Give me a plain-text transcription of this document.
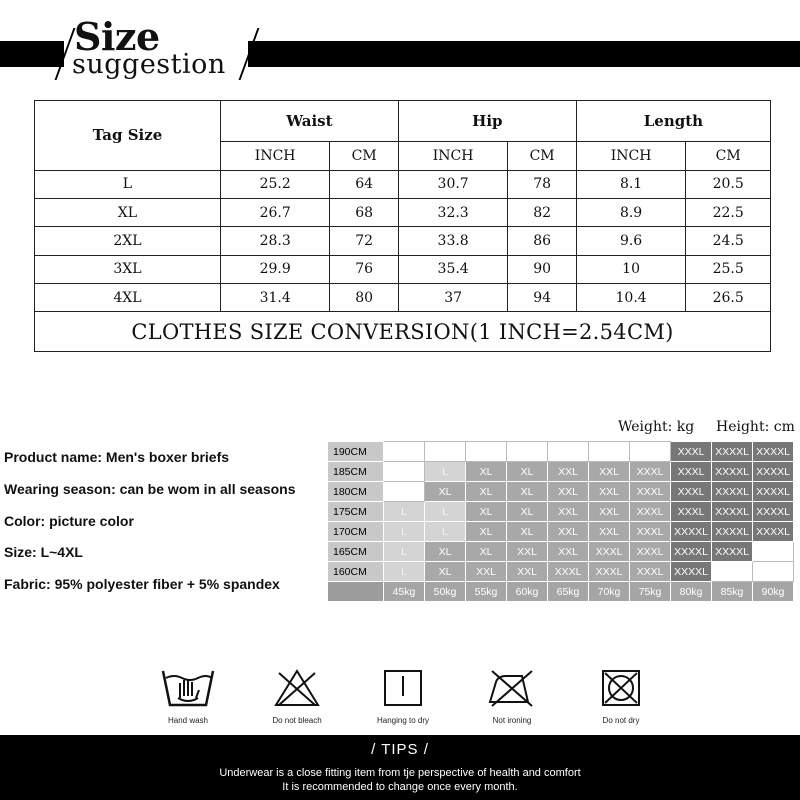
Size
suggestion
Tag Size	Waist		Hip		Length	
	INCH	CM	INCH	CM	INCH	CM
L	25.2	64	30.7	78	8.1	20.5
XL	26.7	68	32.3	82	8.9	22.5
2XL	28.3	72	33.8	86	9.6	24.5
3XL	29.9	76	35.4	90	10	25.5
4XL	31.4	80	37	94	10.4	26.5
CLOTHES SIZE CONVERSION(1 INCH=2.54CM)						
Weight: kg Height: cm
Product name: Men's boxer briefs
Wearing season: can be wom in all seasons
Color: picture color
Size: L~4XL
Fabric: 95% polyester fiber + 5% spandex
190CM								XXXL	XXXXL	XXXXL
185CM		L	XL	XL	XXL	XXL	XXXL	XXXL	XXXXL	XXXXL
180CM		XL	XL	XL	XXL	XXL	XXXL	XXXL	XXXXL	XXXXL
175CM	L	L	XL	XL	XXL	XXL	XXXL	XXXL	XXXXL	XXXXL
170CM	L	L	XL	XL	XXL	XXL	XXXL	XXXXL	XXXXL	XXXXL
165CM	L	XL	XL	XXL	XXL	XXXL	XXXL	XXXXL	XXXXL	
160CM	L	XL	XXL	XXL	XXXL	XXXL	XXXL	XXXXL		
	45kg	50kg	55kg	60kg	65kg	70kg	75kg	80kg	85kg	90kg
Hand wash	Do not bleach	Hanging to dry	Not ironing	Do not dry
/ TIPS /
Underwear is a close fitting item from tje perspective of health and comfort
It is recommended to change once every month.
